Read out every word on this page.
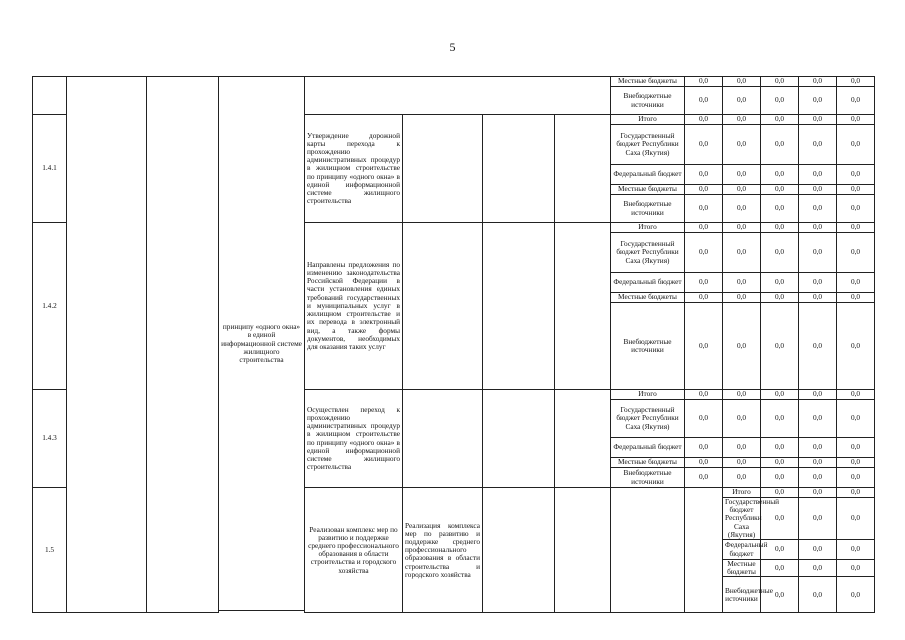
5
			принципу «одного окна» в единой информационной системе жилищного строительства					Местные бюджеты	0,0	0,0	0,0	0,0	0,0	
								Внебюджетные источники	0,0	0,0	0,0	0,0	0,0	

1.4.1				Утверждение дорожной карты перехода к прохождению административных процедур в жилищном строительстве по принципу «одного окна» в единой информационной системе жилищного строительства				Итого	0,0	0,0	0,0	0,0	0,0	
								Государственный бюджет Республики Саха (Якутия)	0,0	0,0	0,0	0,0	0,0	
								Федеральный бюджет	0,0	0,0	0,0	0,0	0,0	
								Местные бюджеты	0,0	0,0	0,0	0,0	0,0	
								Внебюджетные источники	0,0	0,0	0,0	0,0	0,0	

1.4.2				Направлены предложения по изменению законодательства Российской Федерации в части установления единых требований государственных и муниципальных услуг в жилищном строительстве и их перевода в электронный вид, а также формы документов, необходимых для оказания таких услуг				Итого	0,0	0,0	0,0	0,0	0,0	
								Государственный бюджет Республики Саха (Якутия)	0,0	0,0	0,0	0,0	0,0	
								Федеральный бюджет	0,0	0,0	0,0	0,0	0,0	
								Местные бюджеты	0,0	0,0	0,0	0,0	0,0	
								Внебюджетные источники	0,0	0,0	0,0	0,0	0,0	

1.4.3				Осуществлен переход к прохождению административных процедур в жилищном строительстве по принципу «одного окна» в единой информационной системе жилищного строительства				Итого	0,0	0,0	0,0	0,0	0,0	
								Государственный бюджет Республики Саха (Якутия)	0,0	0,0	0,0	0,0	0,0	
								Федеральный бюджет	0,0	0,0	0,0	0,0	0,0	
								Местные бюджеты	0,0	0,0	0,0	0,0	0,0	
								Внебюджетные источники	0,0	0,0	0,0	0,0	0,0	

1.5				Реализован комплекс мер по развитию и поддержке среднего профессионального образования в области строительства и городского хозяйства	Реализация комплекса мер по развитию и поддержке среднего профессионального образования в области строительства и городского хозяйства					Итого	0,0	0,0	0,0		
										Государственный бюджет Республики Саха (Якутия)	0,0	0,0	0,0		
										Федеральный бюджет	0,0	0,0	0,0		
										Местные бюджеты	0,0	0,0	0,0		
										Внебюджетные источники	0,0	0,0	0,0		
